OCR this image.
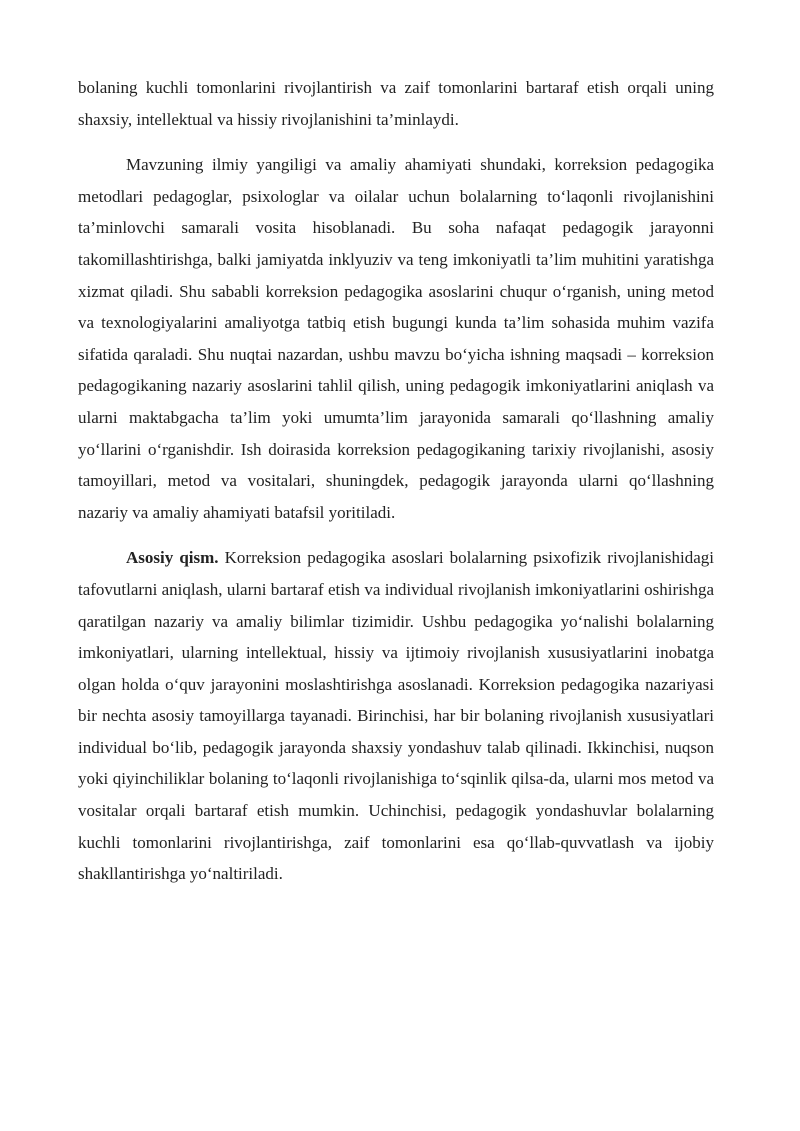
bolaning kuchli tomonlarini rivojlantirish va zaif tomonlarini bartaraf etish orqali uning shaxsiy, intellektual va hissiy rivojlanishini ta’minlaydi.

Mavzuning ilmiy yangiligi va amaliy ahamiyati shundaki, korreksion pedagogika metodlari pedagoglar, psixologlar va oilalar uchun bolalarning to‘laqonli rivojlanishini ta’minlovchi samarali vosita hisoblanadi. Bu soha nafaqat pedagogik jarayonni takomillashtirishga, balki jamiyatda inklyuziv va teng imkoniyatli ta’lim muhitini yaratishga xizmat qiladi. Shu sababli korreksion pedagogika asoslarini chuqur o‘rganish, uning metod va texnologiyalarini amaliyotga tatbiq etish bugungi kunda ta’lim sohasida muhim vazifa sifatida qaraladi. Shu nuqtai nazardan, ushbu mavzu bo‘yicha ishning maqsadi – korreksion pedagogikaning nazariy asoslarini tahlil qilish, uning pedagogik imkoniyatlarini aniqlash va ularni maktabgacha ta’lim yoki umumta’lim jarayonida samarali qo‘llashning amaliy yo‘llarini o‘rganishdir. Ish doirasida korreksion pedagogikaning tarixiy rivojlanishi, asosiy tamoyillari, metod va vositalari, shuningdek, pedagogik jarayonda ularni qo‘llashning nazariy va amaliy ahamiyati batafsil yoritiladi.

Asosiy qism. Korreksion pedagogika asoslari bolalarning psixofizik rivojlanishidagi tafovutlarni aniqlash, ularni bartaraf etish va individual rivojlanish imkoniyatlarini oshirishga qaratilgan nazariy va amaliy bilimlar tizimidir. Ushbu pedagogika yo‘nalishi bolalarning imkoniyatlari, ularning intellektual, hissiy va ijtimoiy rivojlanish xususiyatlarini inobatga olgan holda o‘quv jarayonini moslashtirishga asoslanadi. Korreksion pedagogika nazariyasi bir nechta asosiy tamoyillarga tayanadi. Birinchisi, har bir bolaning rivojlanish xususiyatlari individual bo‘lib, pedagogik jarayonda shaxsiy yondashuv talab qilinadi. Ikkinchisi, nuqson yoki qiyinchiliklar bolaning to‘laqonli rivojlanishiga to‘sqinlik qilsa-da, ularni mos metod va vositalar orqali bartaraf etish mumkin. Uchinchisi, pedagogik yondashuvlar bolalarning kuchli tomonlarini rivojlantirishga, zaif tomonlarini esa qo‘llab-quvvatlash va ijobiy shakllantirishga yo‘naltiriladi.
